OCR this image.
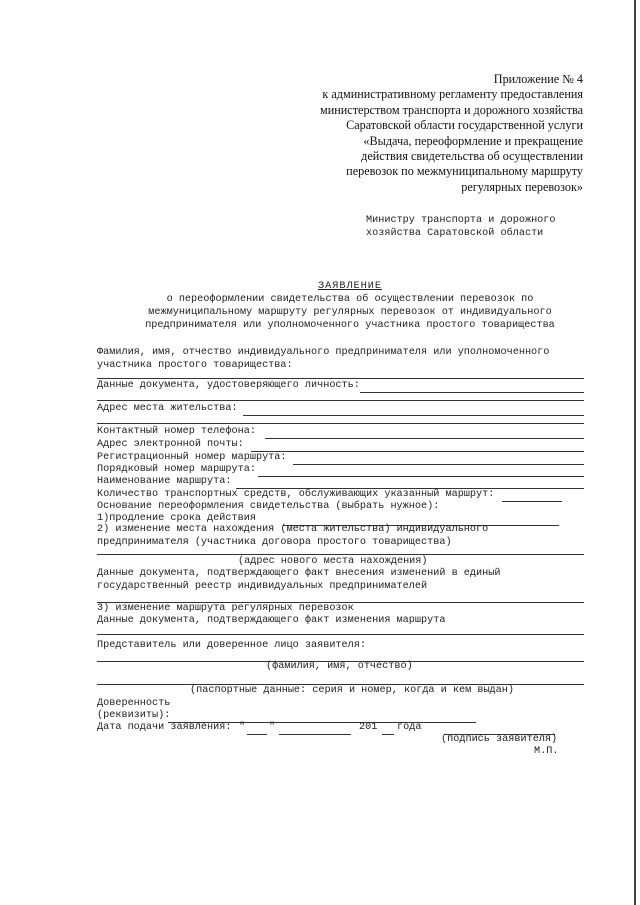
Приложение № 4
к административному регламенту предоставления
министерством транспорта и дорожного хозяйства
Саратовской области государственной услуги
«Выдача, переоформление и прекращение
действия свидетельства об осуществлении
перевозок по межмуниципальному маршруту
регулярных перевозок»
Министру транспорта и дорожного
хозяйства Саратовской области
ЗАЯВЛЕНИЕ
о переоформлении свидетельства об осуществлении перевозок по
межмуниципальному маршруту регулярных перевозок от индивидуального
предпринимателя или уполномоченного участника простого товарищества
Фамилия, имя, отчество индивидуального предпринимателя или уполномоченного
участника простого товарищества:
Данные документа, удостоверяющего личность:
Адрес места жительства:
Контактный номер телефона:
Адрес электронной почты:
Регистрационный номер маршрута:
Порядковый номер маршрута:
Наименование маршрута:
Количество транспортных средств, обслуживающих указанный маршрут:
Основание переоформления свидетельства (выбрать нужное):
1)продление срока действия
2) изменение места нахождения (места жительства) индивидуального
предпринимателя (участника договора простого товарищества)
(адрес нового места нахождения)
Данные документа, подтверждающего факт внесения изменений в единый
государственный реестр индивидуальных предпринимателей
3) изменение маршрута регулярных перевозок
Данные документа, подтверждающего факт изменения маршрута
Представитель или доверенное лицо заявителя:
(фамилия, имя, отчество)
(паспортные данные: серия и номер, когда и кем выдан)
Доверенность
(реквизиты):
Дата подачи заявления: " "	201 года
(подпись заявителя)
М.П.
